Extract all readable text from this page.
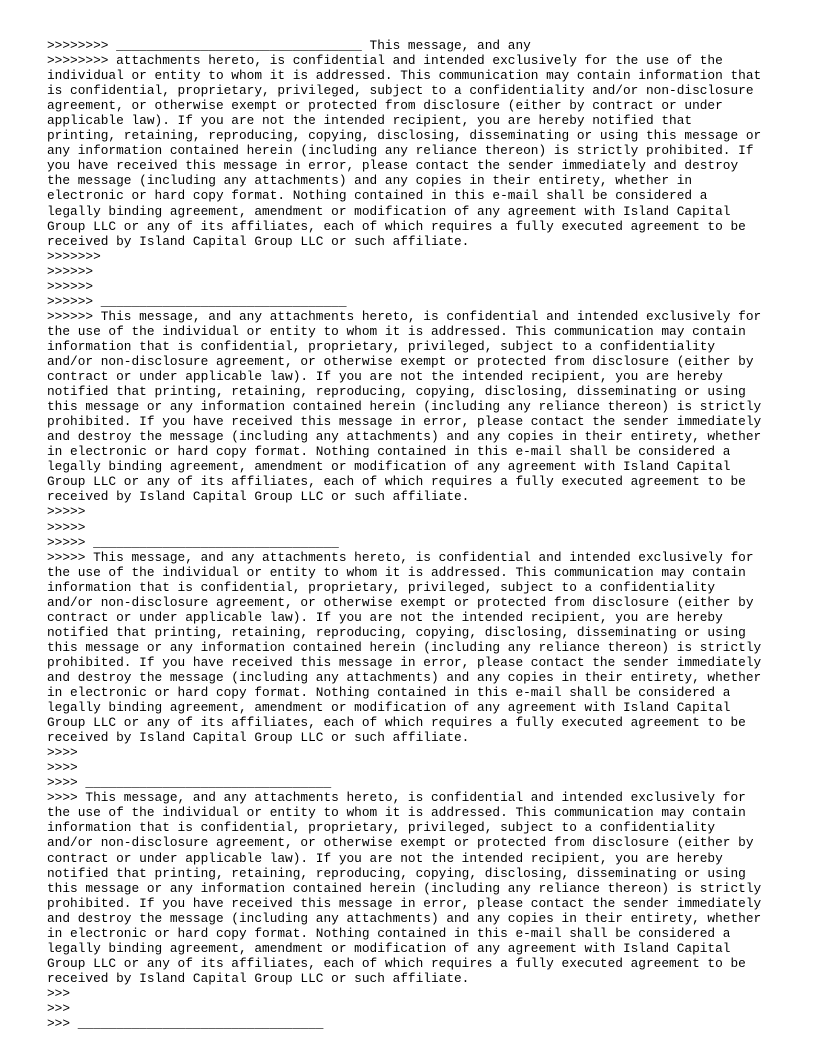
>>>>>>>> ________________________________ This message, and any
>>>>>>>> attachments hereto, is confidential and intended exclusively for the use of the
individual or entity to whom it is addressed. This communication may contain information that
is confidential, proprietary, privileged, subject to a confidentiality and/or non-disclosure
agreement, or otherwise exempt or protected from disclosure (either by contract or under
applicable law). If you are not the intended recipient, you are hereby notified that
printing, retaining, reproducing, copying, disclosing, disseminating or using this message or
any information contained herein (including any reliance thereon) is strictly prohibited. If
you have received this message in error, please contact the sender immediately and destroy
the message (including any attachments) and any copies in their entirety, whether in
electronic or hard copy format. Nothing contained in this e-mail shall be considered a
legally binding agreement, amendment or modification of any agreement with Island Capital
Group LLC or any of its affiliates, each of which requires a fully executed agreement to be
received by Island Capital Group LLC or such affiliate.
>>>>>>>
>>>>>>
>>>>>>
>>>>>> ________________________________
>>>>>> This message, and any attachments hereto, is confidential and intended exclusively for
the use of the individual or entity to whom it is addressed. This communication may contain
information that is confidential, proprietary, privileged, subject to a confidentiality
and/or non-disclosure agreement, or otherwise exempt or protected from disclosure (either by
contract or under applicable law). If you are not the intended recipient, you are hereby
notified that printing, retaining, reproducing, copying, disclosing, disseminating or using
this message or any information contained herein (including any reliance thereon) is strictly
prohibited. If you have received this message in error, please contact the sender immediately
and destroy the message (including any attachments) and any copies in their entirety, whether
in electronic or hard copy format. Nothing contained in this e-mail shall be considered a
legally binding agreement, amendment or modification of any agreement with Island Capital
Group LLC or any of its affiliates, each of which requires a fully executed agreement to be
received by Island Capital Group LLC or such affiliate.
>>>>>
>>>>>
>>>>> ________________________________
>>>>> This message, and any attachments hereto, is confidential and intended exclusively for
the use of the individual or entity to whom it is addressed. This communication may contain
information that is confidential, proprietary, privileged, subject to a confidentiality
and/or non-disclosure agreement, or otherwise exempt or protected from disclosure (either by
contract or under applicable law). If you are not the intended recipient, you are hereby
notified that printing, retaining, reproducing, copying, disclosing, disseminating or using
this message or any information contained herein (including any reliance thereon) is strictly
prohibited. If you have received this message in error, please contact the sender immediately
and destroy the message (including any attachments) and any copies in their entirety, whether
in electronic or hard copy format. Nothing contained in this e-mail shall be considered a
legally binding agreement, amendment or modification of any agreement with Island Capital
Group LLC or any of its affiliates, each of which requires a fully executed agreement to be
received by Island Capital Group LLC or such affiliate.
>>>>
>>>>
>>>> ________________________________
>>>> This message, and any attachments hereto, is confidential and intended exclusively for
the use of the individual or entity to whom it is addressed. This communication may contain
information that is confidential, proprietary, privileged, subject to a confidentiality
and/or non-disclosure agreement, or otherwise exempt or protected from disclosure (either by
contract or under applicable law). If you are not the intended recipient, you are hereby
notified that printing, retaining, reproducing, copying, disclosing, disseminating or using
this message or any information contained herein (including any reliance thereon) is strictly
prohibited. If you have received this message in error, please contact the sender immediately
and destroy the message (including any attachments) and any copies in their entirety, whether
in electronic or hard copy format. Nothing contained in this e-mail shall be considered a
legally binding agreement, amendment or modification of any agreement with Island Capital
Group LLC or any of its affiliates, each of which requires a fully executed agreement to be
received by Island Capital Group LLC or such affiliate.
>>>
>>>
>>> ________________________________
